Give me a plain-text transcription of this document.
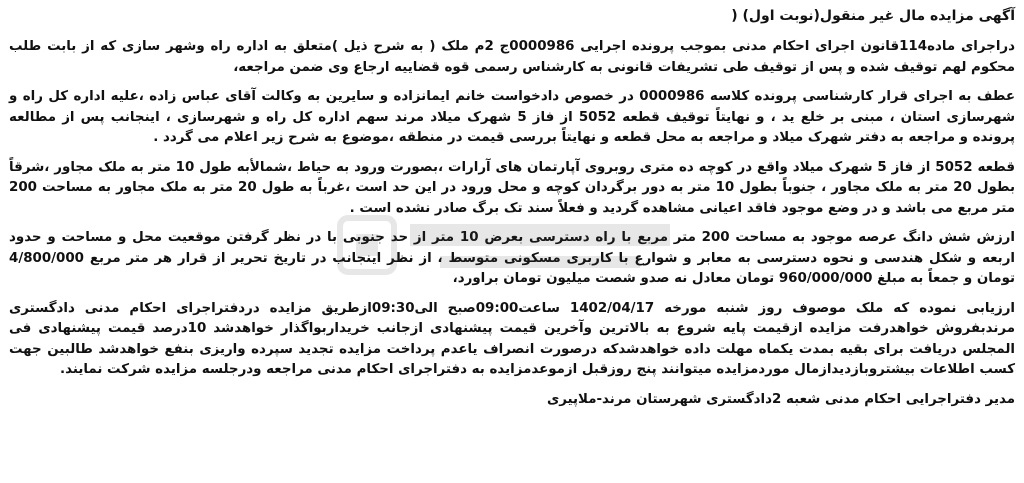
آگهی مزایده مال غیر منقول(نوبت اول) (

دراجرای ماده114قانون اجرای احکام مدنی بموجب پرونده اجرایی 0000986ج 2م ملک ( به شرح ذیل )متعلق به اداره راه وشهر سازی که از بابت طلب محکوم لهم توقیف شده و پس از توقیف طی تشریفات قانونی به کارشناس رسمی قوه قضاییه ارجاع وی ضمن مراجعه،

عطف به اجرای قرار کارشناسی پرونده کلاسه 0000986 در خصوص دادخواست خانم ایمانزاده و سایرین به وکالت آقای عباس زاده ،علیه اداره کل راه و شهرسازی استان ، مبنی بر خلع ید ، و نهایتاً توقیف قطعه 5052 از فاز 5 شهرک میلاد مرند سهم اداره کل راه و شهرسازی ، اینجانب پس از مطالعه پرونده و مراجعه به دفتر شهرک میلاد و مراجعه به محل قطعه و نهایتاً بررسی قیمت در منطقه ،موضوع به شرح زیر اعلام می گردد .

قطعه 5052 از فاز 5 شهرک میلاد واقع در کوچه ده متری روبروی آپارتمان های آرارات ،بصورت ورود به حیاط ،شمالأبه طول 10 متر به ملک مجاور ،شرقاً بطول 20 متر به ملک مجاور ، جنوباً بطول 10 متر به دور برگردان کوچه و محل ورود در این حد است ،غرباً به طول 20 متر به ملک مجاور به مساحت 200 متر مربع می باشد و در وضع موجود فاقد اعیانی مشاهده گردید و فعلاً سند تک برگ صادر نشده است .

ارزش شش دانگ عرصه موجود به مساحت 200 متر مربع با راه دسترسی بعرض 10 متر از حد جنوبی با در نظر گرفتن موقعیت محل و مساحت و حدود اربعه و شکل هندسی و نحوه دسترسی به معابر و شوارع با کاربری مسکونی متوسط ، از نظر اینجانب در تاریخ تحریر از قرار هر متر مربع 4/800/000 تومان و جمعاً به مبلغ 960/000/000 تومان معادل نه صدو شصت میلیون تومان براورد،

ارزیابی نموده که ملک موصوف روز شنبه مورخه 1402/04/17 ساعت09:00صبح الی09:30ازطریق مزایده دردفتراجرای احکام مدنی دادگستری مرندبفروش خواهدرفت مزایده ازقیمت پایه شروع به بالاترین وآخرین قیمت پیشنهادی ازجانب خریداربواگذار خواهدشد 10درصد قیمت پیشنهادی فی المجلس دریافت برای بقیه بمدت یکماه مهلت داده خواهدشدکه درصورت انصراف یاعدم پرداخت مزایده تجدید سپرده واریزی بنفع خواهدشد طالبین جهت کسب اطلاعات بیشتروبازدیدازمال موردمزایده میتوانند پنج روزقبل ازموعدمزایده به دفتراجرای احکام مدنی مراجعه ودرجلسه مزایده شرکت نمایند.

مدیر دفتراجرایی احکام مدنی شعبه 2دادگستری شهرستان مرند-ملاپیری
